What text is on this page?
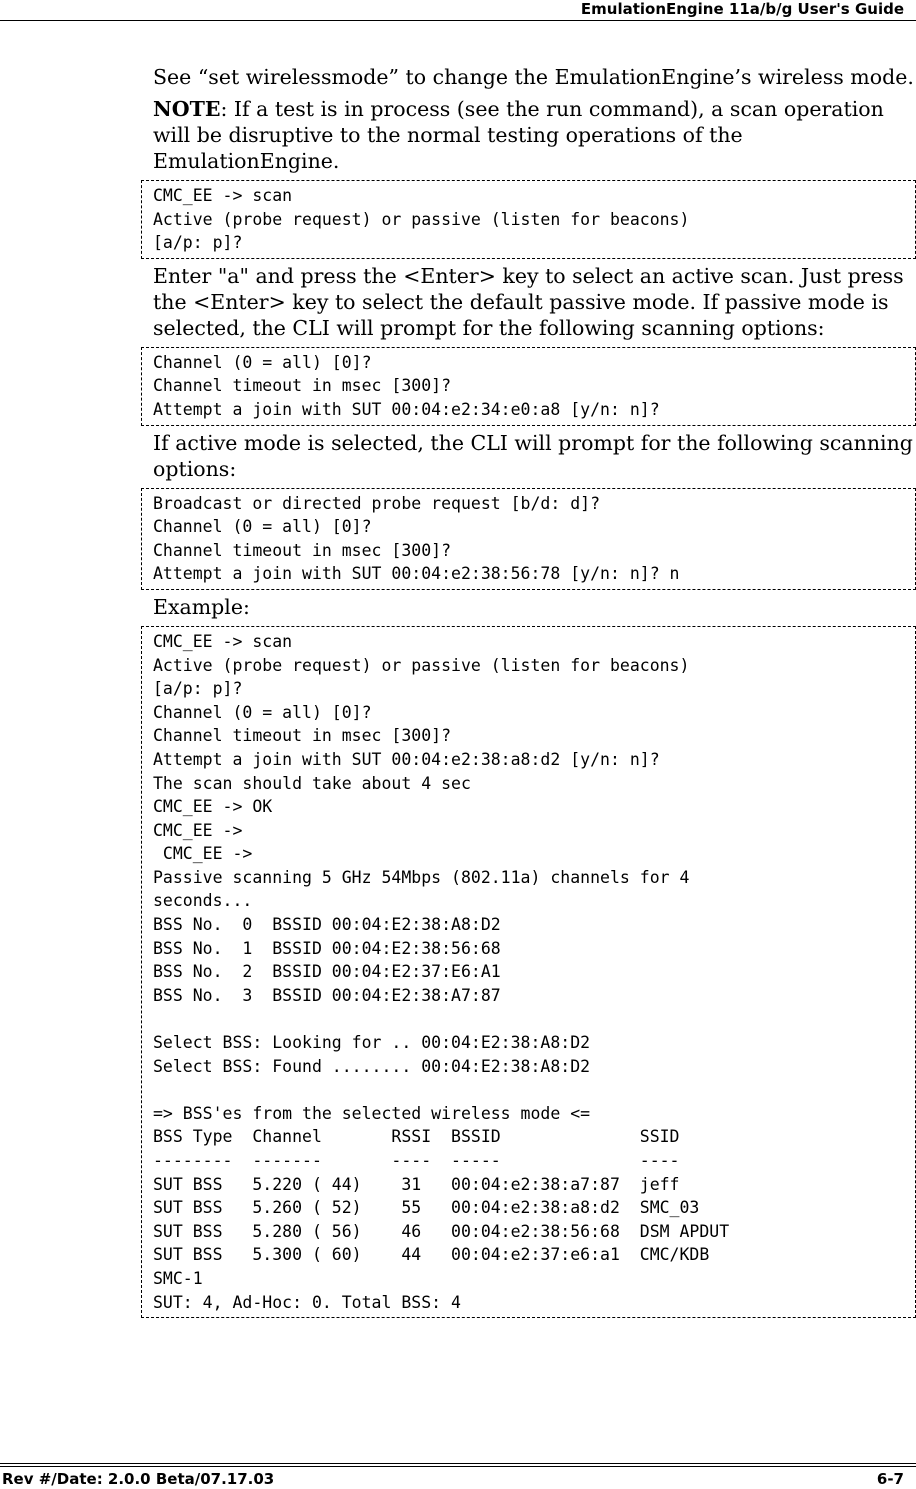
EmulationEngine 11a/b/g User's Guide

See “set wirelessmode” to change the EmulationEngine’s wireless mode.

NOTE: If a test is in process (see the run command), a scan operation will be disruptive to the normal testing operations of the EmulationEngine.

CMC_EE -> scan
Active (probe request) or passive (listen for beacons)
[a/p: p]?

Enter "a" and press the <Enter> key to select an active scan. Just press the <Enter> key to select the default passive mode. If passive mode is selected, the CLI will prompt for the following scanning options:

Channel (0 = all) [0]?
Channel timeout in msec [300]?
Attempt a join with SUT 00:04:e2:34:e0:a8 [y/n: n]?

If active mode is selected, the CLI will prompt for the following scanning options:

Broadcast or directed probe request [b/d: d]?
Channel (0 = all) [0]?
Channel timeout in msec [300]?
Attempt a join with SUT 00:04:e2:38:56:78 [y/n: n]? n

Example:

CMC_EE -> scan
Active (probe request) or passive (listen for beacons)
[a/p: p]?
Channel (0 = all) [0]?
Channel timeout in msec [300]?
Attempt a join with SUT 00:04:e2:38:a8:d2 [y/n: n]?
The scan should take about 4 sec
CMC_EE -> OK
CMC_EE ->
CMC_EE ->
Passive scanning 5 GHz 54Mbps (802.11a) channels for 4
seconds...
BSS No.  0  BSSID 00:04:E2:38:A8:D2
BSS No.  1  BSSID 00:04:E2:38:56:68
BSS No.  2  BSSID 00:04:E2:37:E6:A1
BSS No.  3  BSSID 00:04:E2:38:A7:87

Select BSS: Looking for .. 00:04:E2:38:A8:D2
Select BSS: Found ........ 00:04:E2:38:A8:D2

=> BSS'es from the selected wireless mode <=
BSS Type  Channel       RSSI  BSSID              SSID
--------  -------       ----  -----              ----
SUT BSS   5.220 ( 44)    31   00:04:e2:38:a7:87  jeff
SUT BSS   5.260 ( 52)    55   00:04:e2:38:a8:d2  SMC_03
SUT BSS   5.280 ( 56)    46   00:04:e2:38:56:68  DSM APDUT
SUT BSS   5.300 ( 60)    44   00:04:e2:37:e6:a1  CMC/KDB
SMC-1
SUT: 4, Ad-Hoc: 0. Total BSS: 4

Rev #/Date: 2.0.0 Beta/07.17.03	6-7
